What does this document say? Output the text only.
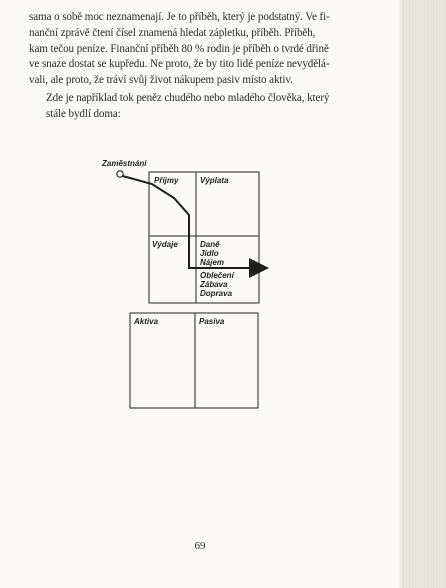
sama o sobě moc neznamenají. Je to příběh, který je podstatný. Ve fi-
nanční zprávě čtení čísel znamená hledat zápletku, příběh. Příběh,
kam tečou peníze. Finanční příběh 80 % rodin je příběh o tvrdé dřině
ve snaze dostat se kupředu. Ne proto, že by tito lidé peníze nevydělá-
vali, ale proto, že tráví svůj život nákupem pasiv místo aktiv.
Zde je například tok peněz chudého nebo mladého člověka, který
stále bydlí doma:
Zaměstnání
Příjmy	Výplata
Výdaje	Daně
Jídlo
Nájem
Oblečení
Zábava
Doprava
Aktiva	Pasiva
69
